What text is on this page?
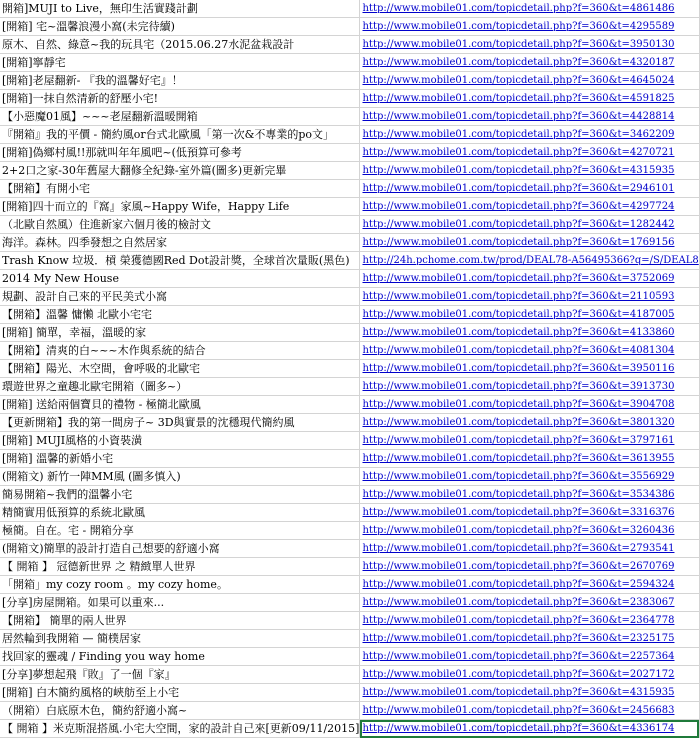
開箱]MUJI to Live，無印生活實踐計劃	http://www.mobile01.com/topicdetail.php?f=360&t=4861486
[開箱] 宅~溫馨浪漫小窩(未完待續)	http://www.mobile01.com/topicdetail.php?f=360&t=4295589
原木、自然、綠意~我的玩具宅（2015.06.27水泥盆栽設計	http://www.mobile01.com/topicdetail.php?f=360&t=3950130
[開箱]寧靜宅	http://www.mobile01.com/topicdetail.php?f=360&t=4320187
[開箱]老屋翻新- 『我的溫馨好宅』！	http://www.mobile01.com/topicdetail.php?f=360&t=4645024
[開箱]一抹自然清新的舒壓小宅!	http://www.mobile01.com/topicdetail.php?f=360&t=4591825
【小惡魔01風】~~~老屋翻新溫暖開箱	http://www.mobile01.com/topicdetail.php?f=360&t=4428814
『開箱』我的平價 - 簡約風or台式北歐風「第一次&不專業的po文」	http://www.mobile01.com/topicdetail.php?f=360&t=3462209
[開箱]偽鄉村風!!那就叫年年風吧~(低預算可參考	http://www.mobile01.com/topicdetail.php?f=360&t=4270721
2+2口之家-30年舊屋大翻修全紀錄-室外篇(圖多)更新完畢	http://www.mobile01.com/topicdetail.php?f=360&t=4315935
【開箱】有開小宅	http://www.mobile01.com/topicdetail.php?f=360&t=2946101
[開箱]四十而立的『窩』家風~Happy Wife，Happy Life	http://www.mobile01.com/topicdetail.php?f=360&t=4297724
（北歐自然風）住進新家六個月後的檢討文	http://www.mobile01.com/topicdetail.php?f=360&t=1282442
海洋。森林。四季發想之自然居家	http://www.mobile01.com/topicdetail.php?f=360&t=1769156
Trash Know 垃圾．槓 榮獲德國Red Dot設計獎，全球首次量販(黑色)	http://24h.pchome.com.tw/prod/DEAL78-A56495366?q=/S/DEAL8
2014 My New House	http://www.mobile01.com/topicdetail.php?f=360&t=3752069
規劃、設計自己來的平民美式小窩	http://www.mobile01.com/topicdetail.php?f=360&t=2110593
【開箱】溫馨 慵懶 北歐小宅宅	http://www.mobile01.com/topicdetail.php?f=360&t=4187005
[開箱] 簡單，幸福，溫暖的家	http://www.mobile01.com/topicdetail.php?f=360&t=4133860
【開箱】清爽的白~~~木作與系統的結合	http://www.mobile01.com/topicdetail.php?f=360&t=4081304
【開箱】陽光、木空間，會呼吸的北歐宅	http://www.mobile01.com/topicdetail.php?f=360&t=3950116
環遊世界之童趣北歐宅開箱（圖多~）	http://www.mobile01.com/topicdetail.php?f=360&t=3913730
[開箱] 送給兩個寶貝的禮物 - 極簡北歐風	http://www.mobile01.com/topicdetail.php?f=360&t=3904708
【更新開箱】我的第一間房子~ 3D與實景的沈穩現代簡約風	http://www.mobile01.com/topicdetail.php?f=360&t=3801320
[開箱] MUJI風格的小資裝潢	http://www.mobile01.com/topicdetail.php?f=360&t=3797161
[開箱] 溫馨的新婚小宅	http://www.mobile01.com/topicdetail.php?f=360&t=3613955
(開箱文) 新竹一陣MM風 (圖多慎入)	http://www.mobile01.com/topicdetail.php?f=360&t=3556929
簡易開箱~我們的溫馨小宅	http://www.mobile01.com/topicdetail.php?f=360&t=3534386
精簡實用低預算的系統北歐風	http://www.mobile01.com/topicdetail.php?f=360&t=3316376
極簡。自在。宅 - 開箱分享	http://www.mobile01.com/topicdetail.php?f=360&t=3260436
(開箱文)簡單的設計打造自己想要的舒適小窩	http://www.mobile01.com/topicdetail.php?f=360&t=2793541
【 開箱 】 冠德新世界 之 精緻單人世界	http://www.mobile01.com/topicdetail.php?f=360&t=2670769
「開箱」my cozy room 。my cozy home。	http://www.mobile01.com/topicdetail.php?f=360&t=2594324
[分享]房屋開箱。如果可以重來...	http://www.mobile01.com/topicdetail.php?f=360&t=2383067
【開箱】 簡單的兩人世界	http://www.mobile01.com/topicdetail.php?f=360&t=2364778
居然輪到我開箱 — 簡樸居家	http://www.mobile01.com/topicdetail.php?f=360&t=2325175
找回家的靈魂 / Finding you way home	http://www.mobile01.com/topicdetail.php?f=360&t=2257364
[分享]夢想起飛『敗』了一個『家』	http://www.mobile01.com/topicdetail.php?f=360&t=2027172
[開箱] 白木簡約風格的峽舫至上小宅	http://www.mobile01.com/topicdetail.php?f=360&t=4315935
（開箱）白底原木色，簡約舒適小窩~	http://www.mobile01.com/topicdetail.php?f=360&t=2456683
【 開箱 】米克斯混搭風.小宅大空間，家的設計自己來[更新09/11/2015]	http://www.mobile01.com/topicdetail.php?f=360&t=4336174
